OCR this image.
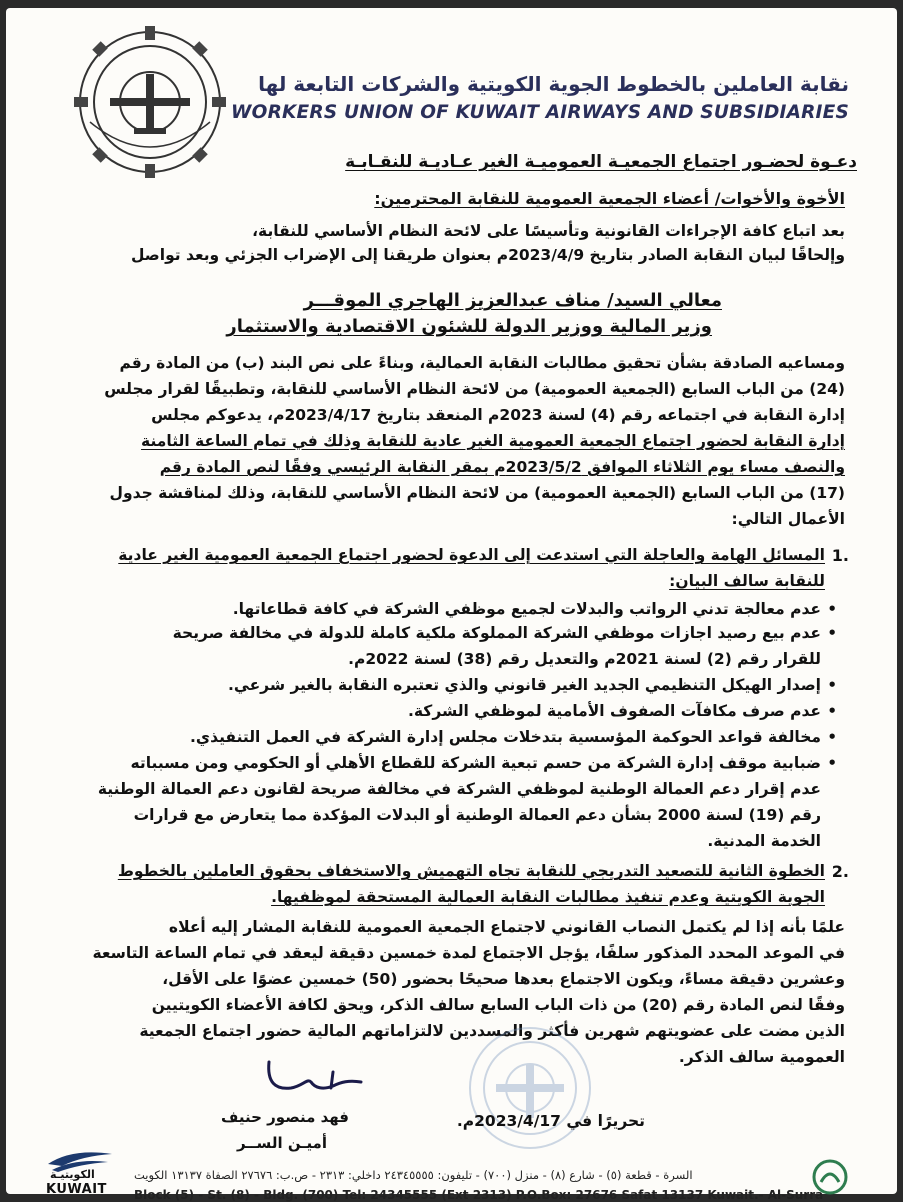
نقابة العاملين بالخطوط الجوية الكويتية والشركات التابعة لها
WORKERS UNION OF KUWAIT AIRWAYS AND SUBSIDIARIES
دعـوة لحضـور اجتماع الجمعيـة العموميـة الغير عـاديـة للنقـابـة
الأخوة والأخوات/ أعضاء الجمعية العمومية للنقابة المحترمين:
بعد اتباع كافة الإجراءات القانونية وتأسيسًا على لائحة النظام الأساسي للنقابة،
وإلحاقًا لبيان النقابة الصادر بتاريخ 2023/4/9م بعنوان طريقنا إلى الإضراب الجزئي وبعد تواصل
معالي السيد/ مناف عبدالعزيز الهاجري الموقـــر
وزير المالية ووزير الدولة للشئون الاقتصادية والاستثمار
ومساعيه الصادقة بشأن تحقيق مطالبات النقابة العمالية، وبناءً على نص البند (ب) من المادة رقم
(24) من الباب السابع (الجمعية العمومية) من لائحة النظام الأساسي للنقابة، وتطبيقًا لقرار مجلس
إدارة النقابة في اجتماعه رقم (4) لسنة 2023م المنعقد بتاريخ 2023/4/17م، يدعوكم مجلس
إدارة النقابة لحضور اجتماع الجمعية العمومية الغير عادية للنقابة وذلك في تمام الساعة الثامنة
والنصف مساء يوم الثلاثاء الموافق 2023/5/2م بمقر النقابة الرئيسي وفقًا لنص المادة رقم
(17) من الباب السابع (الجمعية العمومية) من لائحة النظام الأساسي للنقابة، وذلك لمناقشة جدول
الأعمال التالي:
1.
المسائل الهامة والعاجلة التي استدعت إلى الدعوة لحضور اجتماع الجمعية العمومية الغير عادية
للنقابة سالف البيان:
•
عدم معالجة تدني الرواتب والبدلات لجميع موظفي الشركة في كافة قطاعاتها.
•
عدم بيع رصيد اجازات موظفي الشركة المملوكة ملكية كاملة للدولة في مخالفة صريحة
للقرار رقم (2) لسنة 2021م والتعديل رقم (38) لسنة 2022م.
•
إصدار الهيكل التنظيمي الجديد الغير قانوني والذي تعتبره النقابة بالغير شرعي.
•
عدم صرف مكافآت الصفوف الأمامية لموظفي الشركة.
•
مخالفة قواعد الحوكمة المؤسسية بتدخلات مجلس إدارة الشركة في العمل التنفيذي.
•
ضبابية موقف إدارة الشركة من حسم تبعية الشركة للقطاع الأهلي أو الحكومي ومن مسبباته
عدم إقرار دعم العمالة الوطنية لموظفي الشركة في مخالفة صريحة لقانون دعم العمالة الوطنية
رقم (19) لسنة 2000 بشأن دعم العمالة الوطنية أو البدلات المؤكدة مما يتعارض مع قرارات
الخدمة المدنية.
2.
الخطوة الثانية للتصعيد التدريجي للنقابة تجاه التهميش والاستخفاف بحقوق العاملين بالخطوط
الجوية الكويتية وعدم تنفيذ مطالبات النقابة العمالية المستحقة لموظفيها.
علمًا بأنه إذا لم يكتمل النصاب القانوني لاجتماع الجمعية العمومية للنقابة المشار إليه أعلاه
في الموعد المحدد المذكور سلفًا، يؤجل الاجتماع لمدة خمسين دقيقة ليعقد في تمام الساعة التاسعة
وعشرين دقيقة مساءً، ويكون الاجتماع بعدها صحيحًا بحضور (50) خمسين عضوًا على الأقل،
وفقًا لنص المادة رقم (20) من ذات الباب السابع سالف الذكر، ويحق لكافة الأعضاء الكويتيين
الذين مضت على عضويتهم شهرين فأكثر والمسددين لالتزاماتهم المالية حضور اجتماع الجمعية
العمومية سالف الذكر.
فهد منصور حنيف
أميـن الســر
تحريرًا في 2023/4/17م.
الكويتيـة
KUWAIT
السرة - قطعة (٥) - شارع (٨) - منزل (٧٠٠) - تليفون: ٢٤٣٤٥٥٥٥ داخلي: ٢٣١٣ - ص.ب: ٢٧٦٧٦ الصفاة ١٣١٣٧ الكويت
Block (5) - St. (8) - Bldg. (700) Tel: 24345555 (Ext 2313) P.O.Box: 27676 Safat 13137 Kuwait.- Al-Surra
